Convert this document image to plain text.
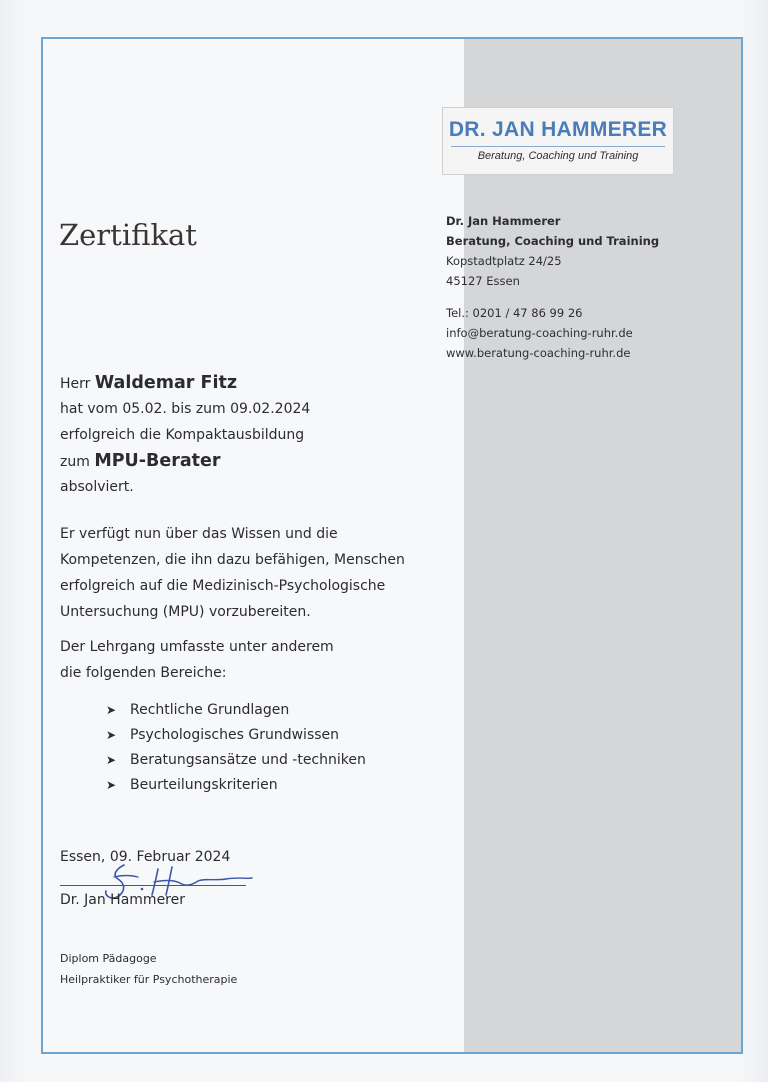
DR. JAN HAMMERER
Beratung, Coaching und Training
Dr. Jan Hammerer
Beratung, Coaching und Training
Kopstadtplatz 24/25
45127 Essen
Tel.: 0201 / 47 86 99 26
info@beratung-coaching-ruhr.de
www.beratung-coaching-ruhr.de
Zertifikat
Herr Waldemar Fitz
hat vom 05.02. bis zum 09.02.2024
erfolgreich die Kompaktausbildung
zum MPU-Berater
absolviert.
Er verfügt nun über das Wissen und die
Kompetenzen, die ihn dazu befähigen, Menschen
erfolgreich auf die Medizinisch-Psychologische
Untersuchung (MPU) vorzubereiten.
Der Lehrgang umfasste unter anderem
die folgenden Bereiche:
➤ Rechtliche Grundlagen
➤ Psychologisches Grundwissen
➤ Beratungsansätze und -techniken
➤ Beurteilungskriterien
Essen, 09. Februar 2024
Dr. Jan Hammerer
Diplom Pädagoge
Heilpraktiker für Psychotherapie
